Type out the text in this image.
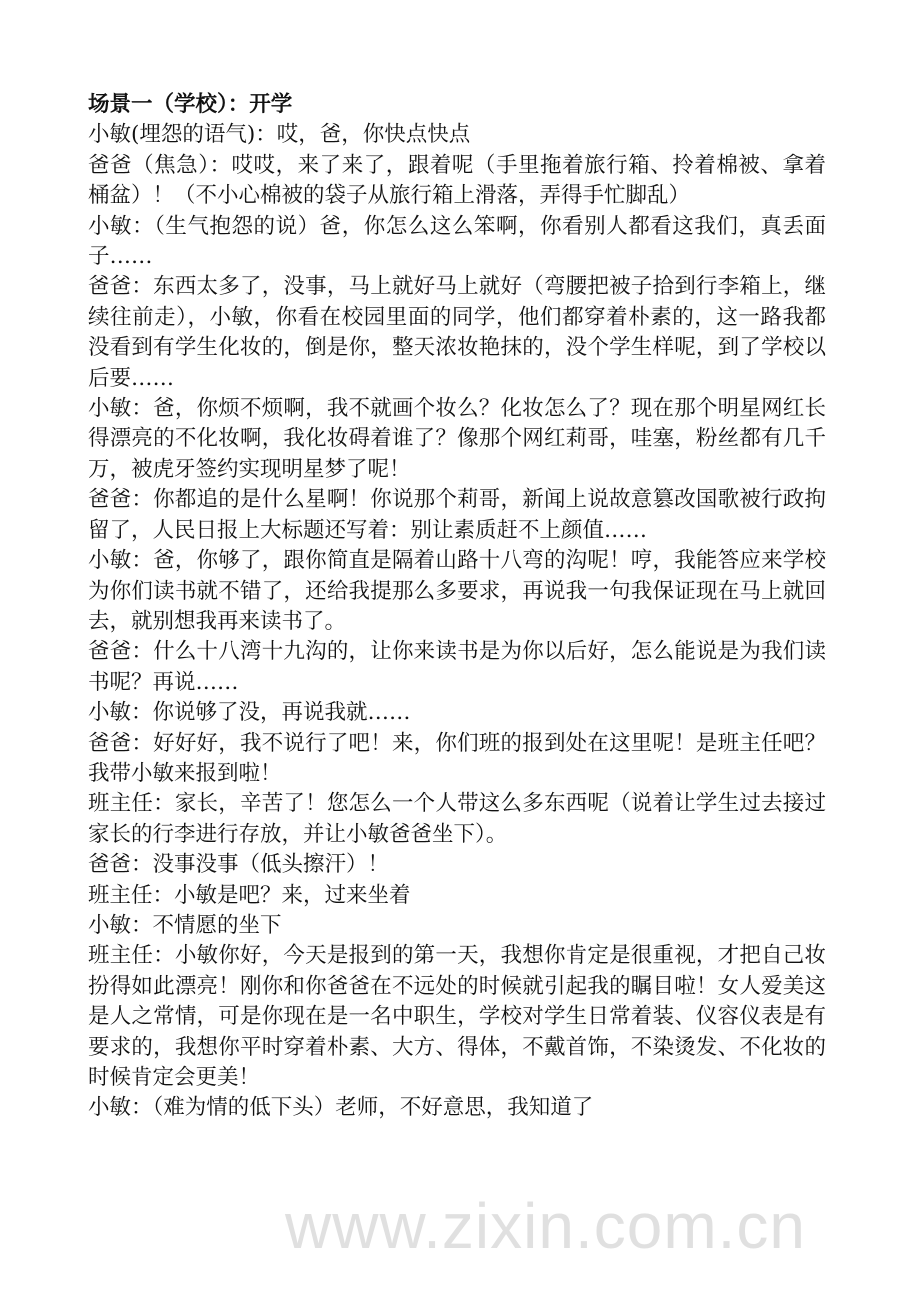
场景一（学校）：开学

小敏(埋怨的语气)：哎，爸，你快点快点

爸爸（焦急）：哎哎，来了来了，跟着呢（手里拖着旅行箱、拎着棉被、拿着桶盆）！（不小心棉被的袋子从旅行箱上滑落，弄得手忙脚乱）

小敏：（生气抱怨的说）爸，你怎么这么笨啊，你看别人都看这我们，真丢面子……

爸爸：东西太多了，没事，马上就好马上就好（弯腰把被子拾到行李箱上，继续往前走），小敏，你看在校园里面的同学，他们都穿着朴素的，这一路我都没看到有学生化妆的，倒是你，整天浓妆艳抹的，没个学生样呢，到了学校以后要……

小敏：爸，你烦不烦啊，我不就画个妆么？化妆怎么了？现在那个明星网红长得漂亮的不化妆啊，我化妆碍着谁了？像那个网红莉哥，哇塞，粉丝都有几千万，被虎牙签约实现明星梦了呢！

爸爸：你都追的是什么星啊！你说那个莉哥，新闻上说故意篡改国歌被行政拘留了，人民日报上大标题还写着：别让素质赶不上颜值……

小敏：爸，你够了，跟你简直是隔着山路十八弯的沟呢！哼，我能答应来学校为你们读书就不错了，还给我提那么多要求，再说我一句我保证现在马上就回去，就别想我再来读书了。

爸爸：什么十八湾十九沟的，让你来读书是为你以后好，怎么能说是为我们读书呢？再说……

小敏：你说够了没，再说我就……

爸爸：好好好，我不说行了吧！来，你们班的报到处在这里呢！是班主任吧？我带小敏来报到啦！

班主任：家长，辛苦了！您怎么一个人带这么多东西呢（说着让学生过去接过家长的行李进行存放，并让小敏爸爸坐下）。

爸爸：没事没事（低头擦汗）！

班主任：小敏是吧？来，过来坐着

小敏：不情愿的坐下

班主任：小敏你好，今天是报到的第一天，我想你肯定是很重视，才把自己妆扮得如此漂亮！刚你和你爸爸在不远处的时候就引起我的瞩目啦！女人爱美这是人之常情，可是你现在是一名中职生，学校对学生日常着装、仪容仪表是有要求的，我想你平时穿着朴素、大方、得体，不戴首饰，不染烫发、不化妆的时候肯定会更美！

小敏：（难为情的低下头）老师，不好意思，我知道了

www.zixin.com.cn
